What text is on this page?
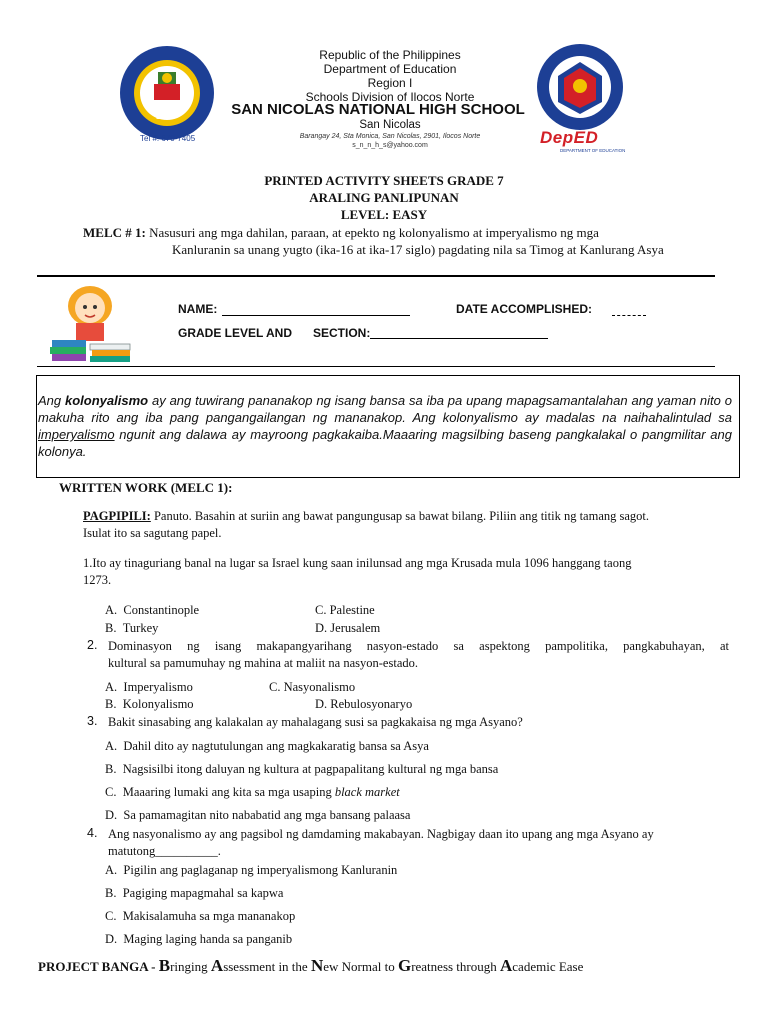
1966
Tel #: 670-7405
Republic of the Philippines
Department of Education
Region I
Schools Division of Ilocos Norte
SAN NICOLAS NATIONAL HIGH SCHOOL
San Nicolas
Barangay 24, Sta Monica, San Nicolas, 2901, Ilocos Norte
s_n_n_h_s@yahoo.com	DepED
DEPARTMENT OF EDUCATION
PRINTED ACTIVITY SHEETS GRADE 7
ARALING PANLIPUNAN
LEVEL: EASY
MELC # 1: Nasusuri ang mga dahilan, paraan, at epekto ng kolonyalismo at imperyalismo ng mga
Kanluranin sa unang yugto (ika-16 at ika-17 siglo) pagdating nila sa Timog at Kanlurang Asya
NAME:	DATE ACCOMPLISHED:
GRADE LEVEL AND SECTION:
Ang kolonyalismo ay ang tuwirang pananakop ng isang bansa sa iba pa upang mapagsamantalahan ang yaman nito o makuha rito ang iba pang pangangailangan ng mananakop. Ang kolonyalismo ay madalas na naihahalintulad sa imperyalismo ngunit ang dalawa ay mayroong pagkakaiba.Maaaring magsilbing baseng pangkalakal o pangmilitar ang kolonya.
WRITTEN WORK (MELC 1):
PAGPIPILI: Panuto. Basahin at suriin ang bawat pangungusap sa bawat bilang. Piliin ang titik ng tamang sagot.
Isulat ito sa sagutang papel.
1.Ito ay tinaguriang banal na lugar sa Israel kung saan inilunsad ang mga Krusada mula 1096 hanggang taong
1273.
A. Constantinople
B. Turkey
C. Palestine
D. Jerusalem
2. Dominasyon ng isang makapangyarihang nasyon-estado sa aspektong pampolitika, pangkabuhayan, at
kultural sa pamumuhay ng mahina at maliit na nasyon-estado.
A. Imperyalismo
B. Kolonyalismo
C. Nasyonalismo
D. Rebulosyonaryo
3. Bakit sinasabing ang kalakalan ay mahalagang susi sa pagkakaisa ng mga Asyano?
A. Dahil dito ay nagtutulungan ang magkakaratig bansa sa Asya
B. Nagsisilbi itong daluyan ng kultura at pagpapalitang kultural ng mga bansa
C. Maaaring lumaki ang kita sa mga usaping black market
D. Sa pamamagitan nito nababatid ang mga bansang palaasa
4. Ang nasyonalismo ay ang pagsibol ng damdaming makabayan. Nagbigay daan ito upang ang mga Asyano ay
matutong__________.
A. Pigilin ang paglaganap ng imperyalismong Kanluranin
B. Pagiging mapagmahal sa kapwa
C. Makisalamuha sa mga mananakop
D. Maging laging handa sa panganib
PROJECT BANGA - Bringing Assessment in the New Normal to Greatness through Academic Ease
